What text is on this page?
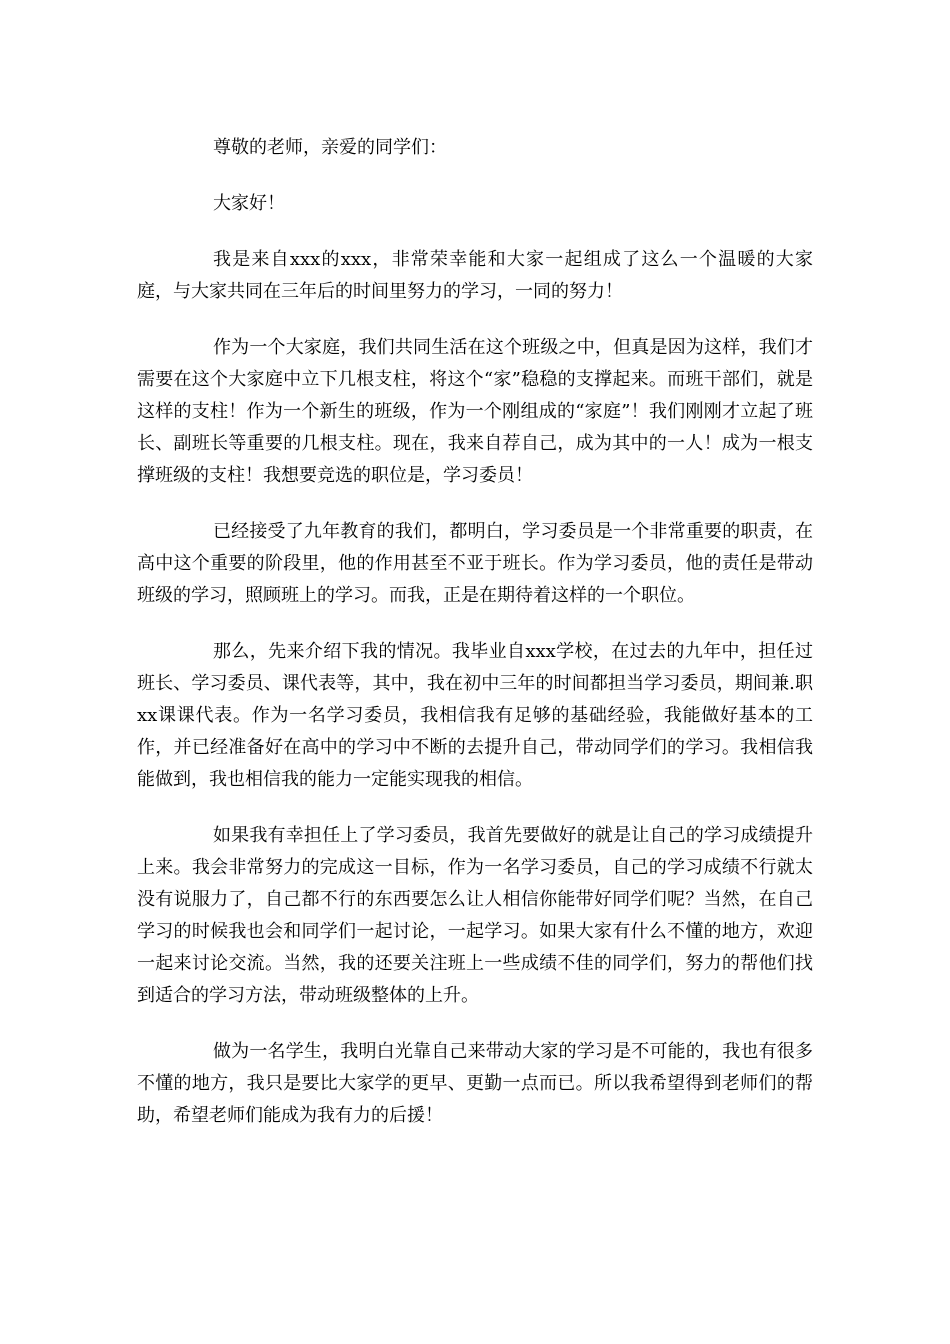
尊敬的老师，亲爱的同学们：

大家好！

我是来自xxx的xxx，非常荣幸能和大家一起组成了这么一个温暖的大家庭，与大家共同在三年后的时间里努力的学习，一同的努力！

作为一个大家庭，我们共同生活在这个班级之中，但真是因为这样，我们才需要在这个大家庭中立下几根支柱，将这个“家”稳稳的支撑起来。而班干部们，就是这样的支柱！作为一个新生的班级，作为一个刚组成的“家庭”！我们刚刚才立起了班长、副班长等重要的几根支柱。现在，我来自荐自己，成为其中的一人！成为一根支撑班级的支柱！我想要竞选的职位是，学习委员！

已经接受了九年教育的我们，都明白，学习委员是一个非常重要的职责，在高中这个重要的阶段里，他的作用甚至不亚于班长。作为学习委员，他的责任是带动班级的学习，照顾班上的学习。而我，正是在期待着这样的一个职位。

那么，先来介绍下我的情况。我毕业自xxx学校，在过去的九年中，担任过班长、学习委员、课代表等，其中，我在初中三年的时间都担当学习委员，期间兼.职xx课课代表。作为一名学习委员，我相信我有足够的基础经验，我能做好基本的工作，并已经准备好在高中的学习中不断的去提升自己，带动同学们的学习。我相信我能做到，我也相信我的能力一定能实现我的相信。

如果我有幸担任上了学习委员，我首先要做好的就是让自己的学习成绩提升上来。我会非常努力的完成这一目标，作为一名学习委员，自己的学习成绩不行就太没有说服力了，自己都不行的东西要怎么让人相信你能带好同学们呢？当然，在自己学习的时候我也会和同学们一起讨论，一起学习。如果大家有什么不懂的地方，欢迎一起来讨论交流。当然，我的还要关注班上一些成绩不佳的同学们，努力的帮他们找到适合的学习方法，带动班级整体的上升。

做为一名学生，我明白光靠自己来带动大家的学习是不可能的，我也有很多不懂的地方，我只是要比大家学的更早、更勤一点而已。所以我希望得到老师们的帮助，希望老师们能成为我有力的后援！
